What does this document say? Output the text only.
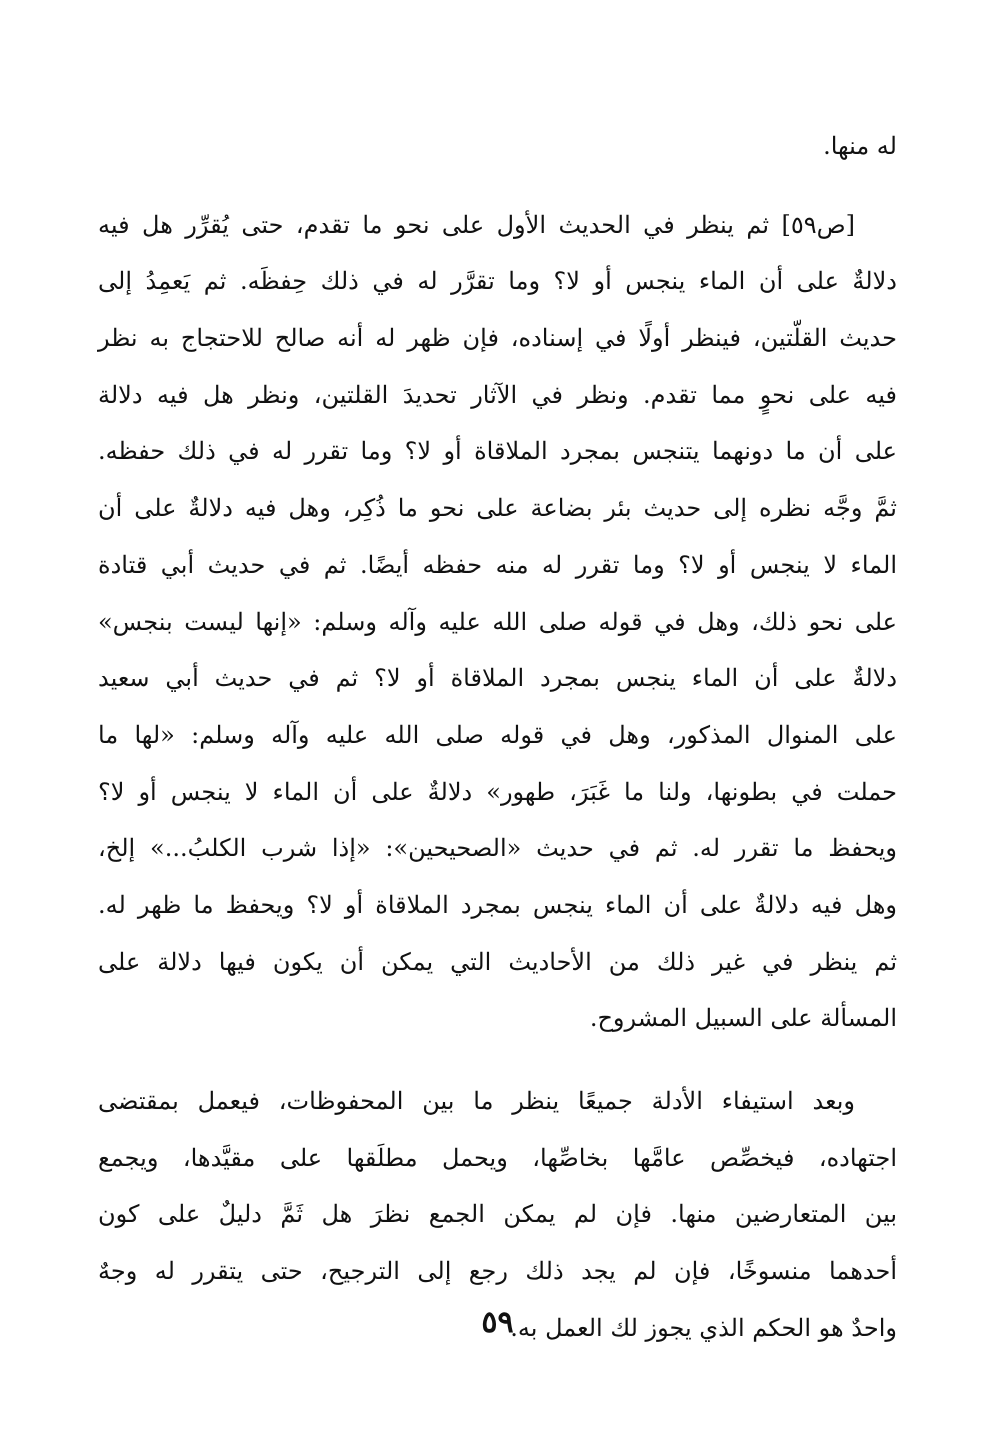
له منها.
[ص٥٩] ثم ينظر في الحديث الأول على نحو ما تقدم، حتى يُقرِّر هل فيه
دلالةٌ على أن الماء ينجس أو لا؟ وما تقرَّر له في ذلك حِفظَه. ثم يَعمِدُ إلى
حديث القلّتين، فينظر أولًا في إسناده، فإن ظهر له أنه صالح للاحتجاج به نظر
فيه على نحوٍ مما تقدم. ونظر في الآثار تحديدَ القلتين، ونظر هل فيه دلالة
على أن ما دونهما يتنجس بمجرد الملاقاة أو لا؟ وما تقرر له في ذلك حفظه.
ثمَّ وجَّه نظره إلى حديث بئر بضاعة على نحو ما ذُكِر، وهل فيه دلالةٌ على أن
الماء لا ينجس أو لا؟ وما تقرر له منه حفظه أيضًا. ثم في حديث أبي قتادة
على نحو ذلك، وهل في قوله صلى الله عليه وآله وسلم: «إنها ليست بنجس»
دلالةٌ على أن الماء ينجس بمجرد الملاقاة أو لا؟ ثم في حديث أبي سعيد
على المنوال المذكور، وهل في قوله صلى الله عليه وآله وسلم: «لها ما
حملت في بطونها، ولنا ما غَبَرَ، طهور» دلالةٌ على أن الماء لا ينجس أو لا؟
ويحفظ ما تقرر له. ثم في حديث «الصحيحين»: «إذا شرب الكلبُ...» إلخ،
وهل فيه دلالةٌ على أن الماء ينجس بمجرد الملاقاة أو لا؟ ويحفظ ما ظهر له.
ثم ينظر في غير ذلك من الأحاديث التي يمكن أن يكون فيها دلالة على
المسألة على السبيل المشروح.
وبعد استيفاء الأدلة جميعًا ينظر ما بين المحفوظات، فيعمل بمقتضى
اجتهاده، فيخصِّص عامَّها بخاصِّها، ويحمل مطلَقها على مقيَّدها، ويجمع
بين المتعارضين منها. فإن لم يمكن الجمع نظرَ هل ثَمَّ دليلٌ على كون
أحدهما منسوخًا، فإن لم يجد ذلك رجع إلى الترجيح، حتى يتقرر له وجهٌ
واحدٌ هو الحكم الذي يجوز لك العمل به.
٥٩
